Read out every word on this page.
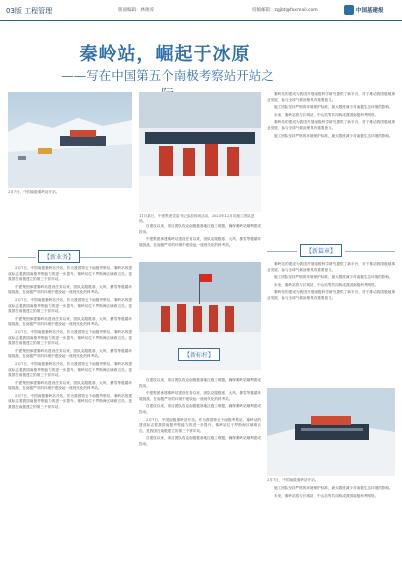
03版 工程管理	版面编辑：林俊涛	投稿邮箱：zgjbt@foxmail.com	中国基建报
秦岭站，崛起于冰原
——写在中国第五个南极考察站开站之
2月7日，中国南极秦岭站开站。
11月某日，中建集团党委书记参加现场活动，2023年12月初施工团队进场。

秦岭站的建成为我国开展南极科学研究提供了新平台，对于推动我国极地事业发展、参与全球气候治理具有重要意义。

施工团队坚持严格的环境保护标准，最大限度减少对南极生态环境的影响。

未来，秦岭站将与长城站、中山站等共同构成我国南极科考网络。

秦岭站的建成为我国开展南极科学研究提供了新平台，对于推动我国极地事业发展、参与全球气候治理具有重要意义。

施工团队坚持严格的环境保护标准，最大限度减少对南极生态环境的影响。

【新业务】

2月7日，中国南极秦岭站开站。作为我国第五个南极考察站，秦岭站的建成标志着我国南极考察能力的进一步提升。秦岭站位于罗斯海区域难言岛，是我国在南极建立的第三个常年站。

中建集团承建秦岭站建设任务以来，团队克服极寒、大风、暴雪等极端环境挑战，在南极严苛的环境中建设起一座现代化的科考站。

2月7日，中国南极秦岭站开站。作为我国第五个南极考察站，秦岭站的建成标志着我国南极考察能力的进一步提升。秦岭站位于罗斯海区域难言岛，是我国在南极建立的第三个常年站。

中建集团承建秦岭站建设任务以来，团队克服极寒、大风、暴雪等极端环境挑战，在南极严苛的环境中建设起一座现代化的科考站。

2月7日，中国南极秦岭站开站。作为我国第五个南极考察站，秦岭站的建成标志着我国南极考察能力的进一步提升。秦岭站位于罗斯海区域难言岛，是我国在南极建立的第三个常年站。

中建集团承建秦岭站建设任务以来，团队克服极寒、大风、暴雪等极端环境挑战，在南极严苛的环境中建设起一座现代化的科考站。

2月7日，中国南极秦岭站开站。作为我国第五个南极考察站，秦岭站的建成标志着我国南极考察能力的进一步提升。秦岭站位于罗斯海区域难言岛，是我国在南极建立的第三个常年站。

中建集团承建秦岭站建设任务以来，团队克服极寒、大风、暴雪等极端环境挑战，在南极严苛的环境中建设起一座现代化的科考站。

2月7日，中国南极秦岭站开站。作为我国第五个南极考察站，秦岭站的建成标志着我国南极考察能力的进一步提升。秦岭站位于罗斯海区域难言岛，是我国在南极建立的第三个常年站。

自建设以来，项目团队攻克南极极寒地区施工难题，确保秦岭站顺利建成投用。

中建集团承建秦岭站建设任务以来，团队克服极寒、大风、暴雪等极端环境挑战，在南极严苛的环境中建设起一座现代化的科考站。

【新标杆】

自建设以来，项目团队攻克南极极寒地区施工难题，确保秦岭站顺利建成投用。

中建集团承建秦岭站建设任务以来，团队克服极寒、大风、暴雪等极端环境挑战，在南极严苛的环境中建设起一座现代化的科考站。

自建设以来，项目团队攻克南极极寒地区施工难题，确保秦岭站顺利建成投用。

2月7日，中国南极秦岭站开站。作为我国第五个南极考察站，秦岭站的建成标志着我国南极考察能力的进一步提升。秦岭站位于罗斯海区域难言岛，是我国在南极建立的第三个常年站。

自建设以来，项目团队攻克南极极寒地区施工难题，确保秦岭站顺利建成投用。

【新篇章】

秦岭站的建成为我国开展南极科学研究提供了新平台，对于推动我国极地事业发展、参与全球气候治理具有重要意义。

施工团队坚持严格的环境保护标准，最大限度减少对南极生态环境的影响。

未来，秦岭站将与长城站、中山站等共同构成我国南极科考网络。

秦岭站的建成为我国开展南极科学研究提供了新平台，对于推动我国极地事业发展、参与全球气候治理具有重要意义。

2月7日，中国南极秦岭站开站。

施工团队坚持严格的环境保护标准，最大限度减少对南极生态环境的影响。

未来，秦岭站将与长城站、中山站等共同构成我国南极科考网络。
